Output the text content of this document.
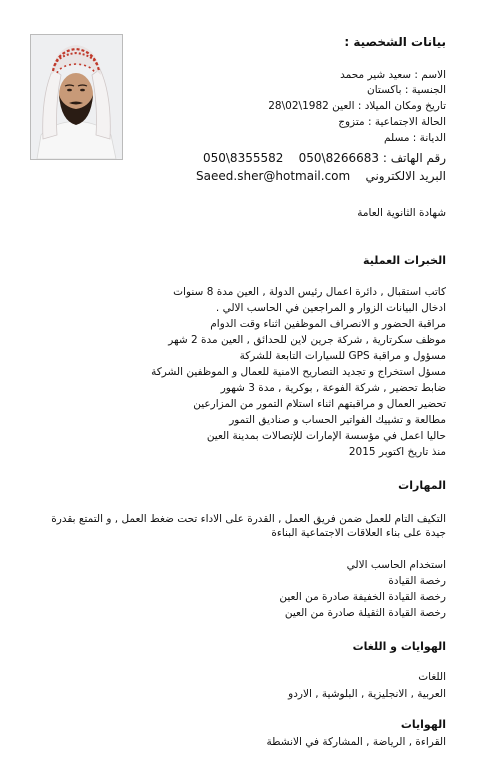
بيانات الشخصية :
الاسم : سعيد شير محمد
الجنسية : باكستان
تاريخ ومكان الميلاد : العين 1982\02\28
الحالة الاجتماعية : متزوج
الديانة : مسلم
رقم الهاتف : 050\8266683    050\8355582
البريد الالكتروني    Saeed.sher@hotmail.com
شهادة الثانوية العامة
الخبرات العملية
كاتب استقبال , دائرة اعمال رئيس الدولة , العين مدة 8 سنوات
ادخال البيانات الزوار و المراجعين في الحاسب الالي .
مراقبة الحضور و الانصراف الموظفين اثناء وقت الدوام
موظف سكرتارية , شركة جرين لاين للحدائق , العين مدة 2 شهر
مسؤول و مراقبة GPS للسيارات التابعة للشركة
مسؤل استخراج و تجديد التصاريح الامنية للعمال و الموظفين الشركة
ضابط تحضير , شركة الفوعة , بوكرية , مدة 3 شهور
تحضير العمال و مراقبتهم اثناء استلام التمور من المزارعين
مطالعة و تشييك الفواتير الحساب و صناديق التمور
حاليا اعمل في مؤسسة الإمارات للإتصالات بمدينة العين
منذ تاريخ اكتوبر 2015
المهارات
التكيف التام للعمل ضمن فريق العمل , القدرة على الاداء تحت ضغط العمل , و التمتع بقدرة جيدة على بناء العلاقات الاجتماعية البناءة
استخدام الحاسب الالي
رخصة القيادة
رخصة القيادة الخفيفة صادرة من العين
رخصة القيادة الثقيلة صادرة من العين
الهوايات و اللغات
اللغات
العربية , الانجليزية , البلوشية , الاردو
الهوايات
القراءة , الرياضة , المشاركة في الانشطة
